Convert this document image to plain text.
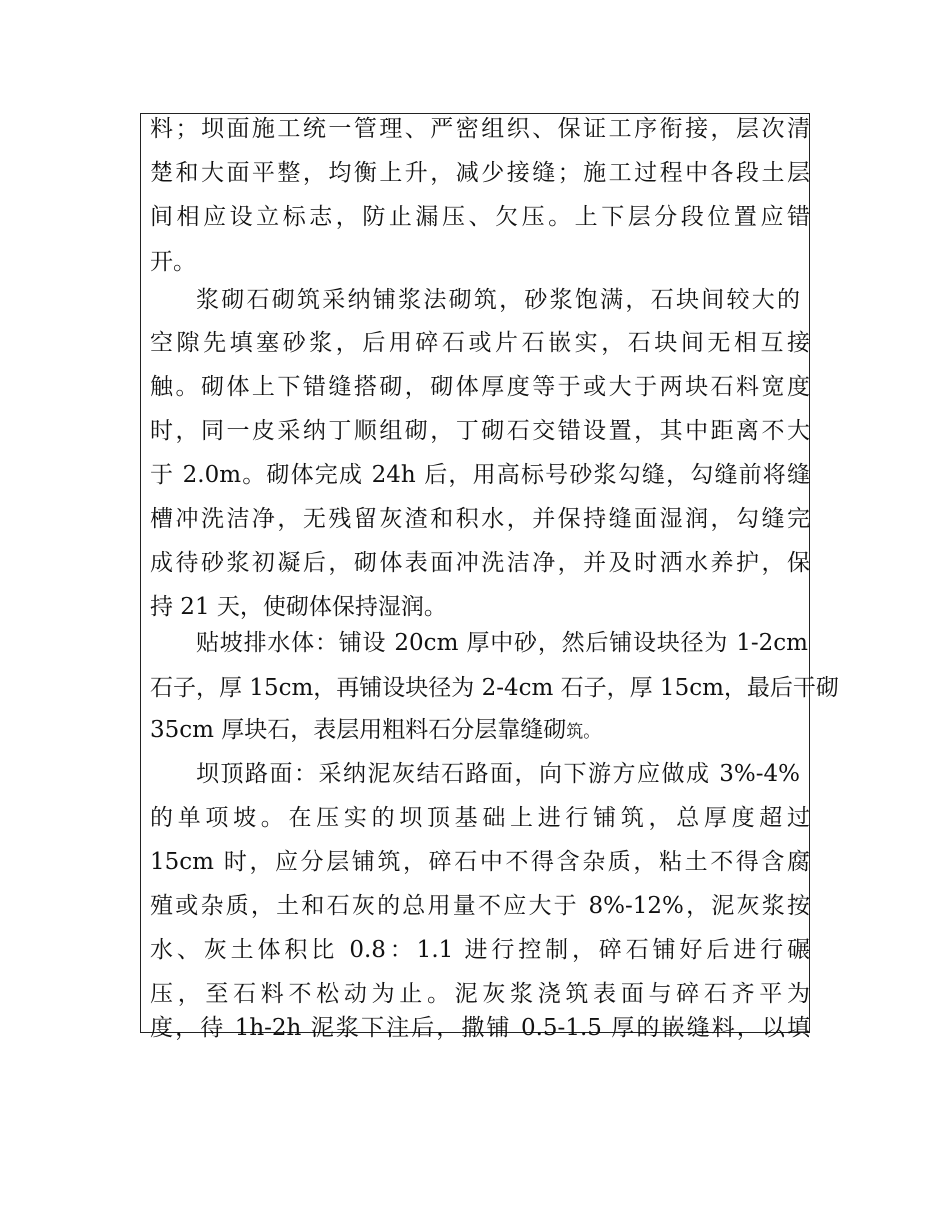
料；坝面施工统一管理、严密组织、保证工序衔接，层次清
楚和大面平整，均衡上升，减少接缝；施工过程中各段土层
间相应设立标志，防止漏压、欠压。上下层分段位置应错
开。
浆砌石砌筑采纳铺浆法砌筑，砂浆饱满，石块间较大的
空隙先填塞砂浆，后用碎石或片石嵌实，石块间无相互接
触。砌体上下错缝搭砌，砌体厚度等于或大于两块石料宽度
时，同一皮采纳丁顺组砌，丁砌石交错设置，其中距离不大
于 2.0m。砌体完成 24h 后，用高标号砂浆勾缝，勾缝前将缝
槽冲洗洁净，无残留灰渣和积水，并保持缝面湿润，勾缝完
成待砂浆初凝后，砌体表面冲洗洁净，并及时洒水养护，保
持 21 天，使砌体保持湿润。
贴坡排水体：铺设 20cm 厚中砂，然后铺设块径为 1-2cm
石子，厚 15cm，再铺设块径为 2-4cm 石子，厚 15cm，最后干砌
35cm 厚块石，表层用粗料石分层靠缝砌筑。
坝顶路面：采纳泥灰结石路面，向下游方应做成 3%-4%
的单项坡。在压实的坝顶基础上进行铺筑，总厚度超过
15cm 时，应分层铺筑，碎石中不得含杂质，粘土不得含腐
殖或杂质，土和石灰的总用量不应大于 8%-12%，泥灰浆按
水、灰土体积比 0.8：1.1 进行控制，碎石铺好后进行碾
压，至石料不松动为止。泥灰浆浇筑表面与碎石齐平为
度，待 1h-2h 泥浆下注后，撒铺 0.5-1.5 厚的嵌缝料，以填
